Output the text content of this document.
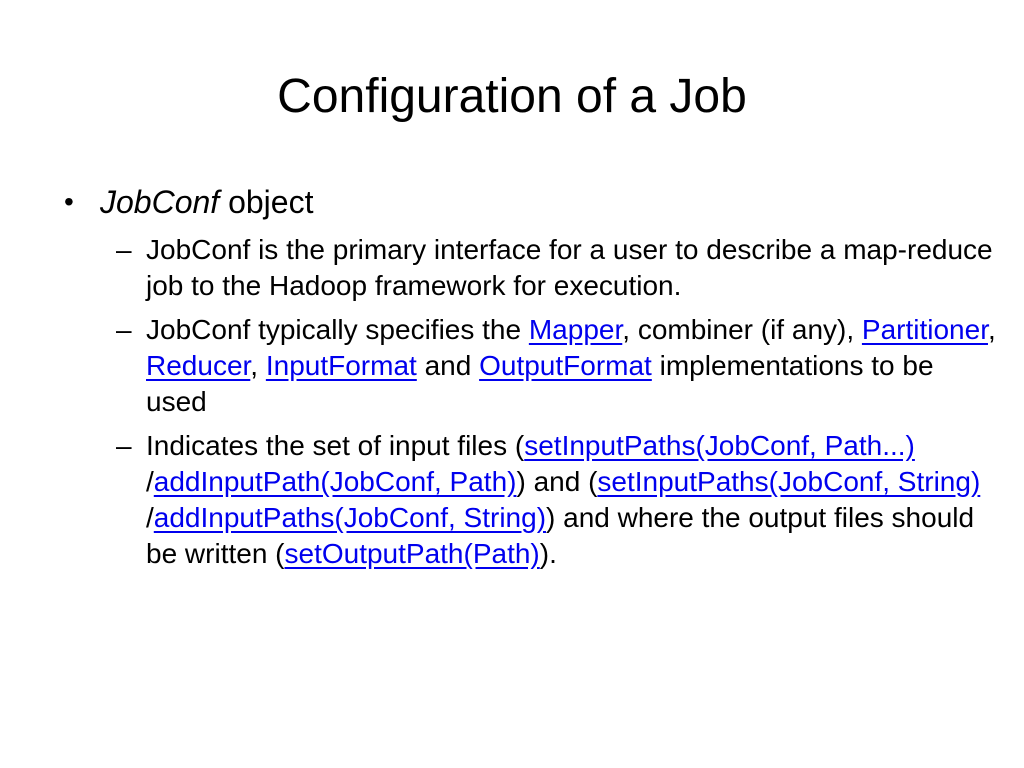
Configuration of a Job
• JobConf object
– JobConf is the primary interface for a user to describe a map-reduce job to the Hadoop framework for execution.
– JobConf typically specifies the Mapper, combiner (if any), Partitioner, Reducer, InputFormat and OutputFormat implementations to be used
– Indicates the set of input files (setInputPaths(JobConf, Path...) /addInputPath(JobConf, Path)) and (setInputPaths(JobConf, String) /addInputPaths(JobConf, String)) and where the output files should be written (setOutputPath(Path)).
